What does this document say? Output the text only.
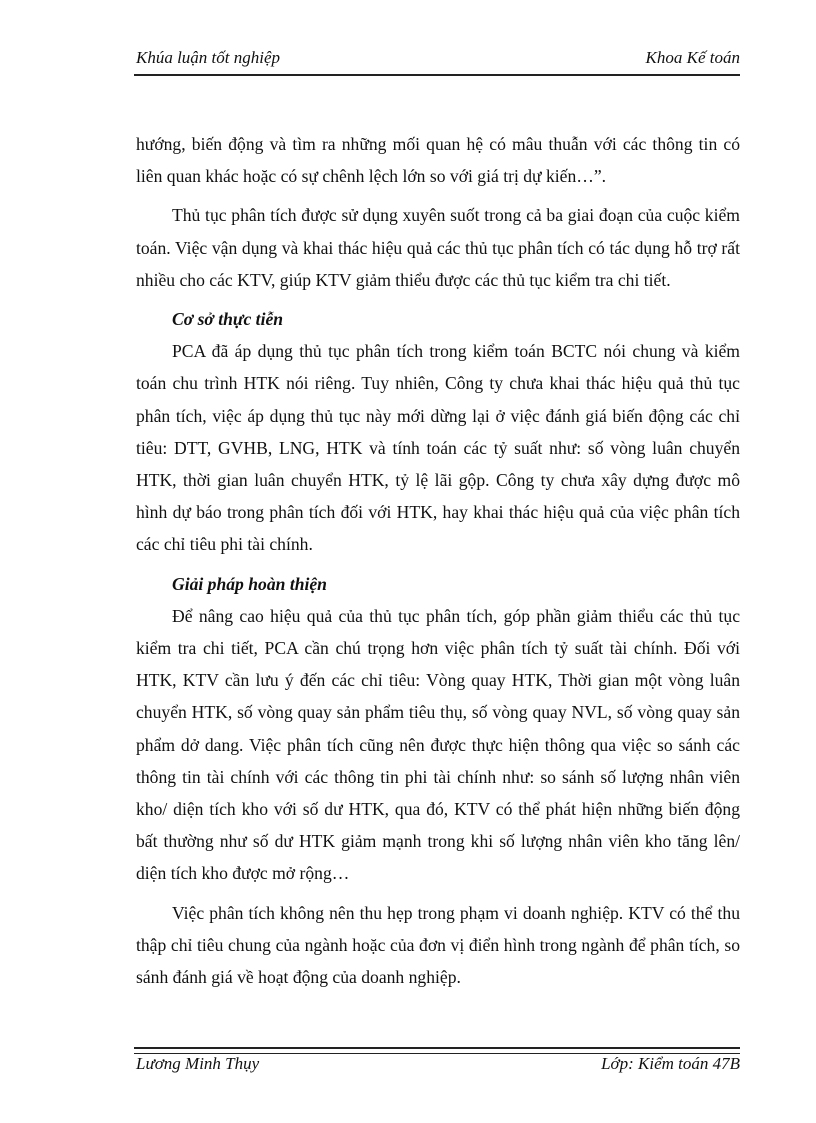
Khúa luận tốt nghiệp	Khoa Kế toán

hướng, biến động và tìm ra những mối quan hệ có mâu thuẫn với các thông tin có liên quan khác hoặc có sự chênh lệch lớn so với giá trị dự kiến…”.

Thủ tục phân tích được sử dụng xuyên suốt trong cả ba giai đoạn của cuộc kiểm toán. Việc vận dụng và khai thác hiệu quả các thủ tục phân tích có tác dụng hỗ trợ rất nhiều cho các KTV, giúp KTV giảm thiểu được các thủ tục kiểm tra chi tiết.

Cơ sở thực tiễn

PCA đã áp dụng thủ tục phân tích trong kiểm toán BCTC nói chung và kiểm toán chu trình HTK nói riêng. Tuy nhiên, Công ty chưa khai thác hiệu quả thủ tục phân tích, việc áp dụng thủ tục này mới dừng lại ở việc đánh giá biến động các chỉ tiêu: DTT, GVHB, LNG, HTK và tính toán các tỷ suất như: số vòng luân chuyển HTK, thời gian luân chuyển HTK, tỷ lệ lãi gộp. Công ty chưa xây dựng được mô hình dự báo trong phân tích đối với HTK, hay khai thác hiệu quả của việc phân tích các chỉ tiêu phi tài chính.

Giải pháp hoàn thiện

Để nâng cao hiệu quả của thủ tục phân tích, góp phần giảm thiểu các thủ tục kiểm tra chi tiết, PCA cần chú trọng hơn việc phân tích tỷ suất tài chính. Đối với HTK, KTV cần lưu ý đến các chỉ tiêu: Vòng quay HTK, Thời gian một vòng luân chuyển HTK, số vòng quay sản phẩm tiêu thụ, số vòng quay NVL, số vòng quay sản phẩm dở dang. Việc phân tích cũng nên được thực hiện thông qua việc so sánh các thông tin tài chính với các thông tin phi tài chính như: so sánh số lượng nhân viên kho/ diện tích kho với số dư HTK, qua đó, KTV có thể phát hiện những biến động bất thường như số dư HTK giảm mạnh trong khi số lượng nhân viên kho tăng lên/ diện tích kho được mở rộng…

Việc phân tích không nên thu hẹp trong phạm vi doanh nghiệp. KTV có thể thu thập chỉ tiêu chung của ngành hoặc của đơn vị điển hình trong ngành để phân tích, so sánh đánh giá về hoạt động của doanh nghiệp.

Lương Minh Thụy	Lớp: Kiểm toán 47B
